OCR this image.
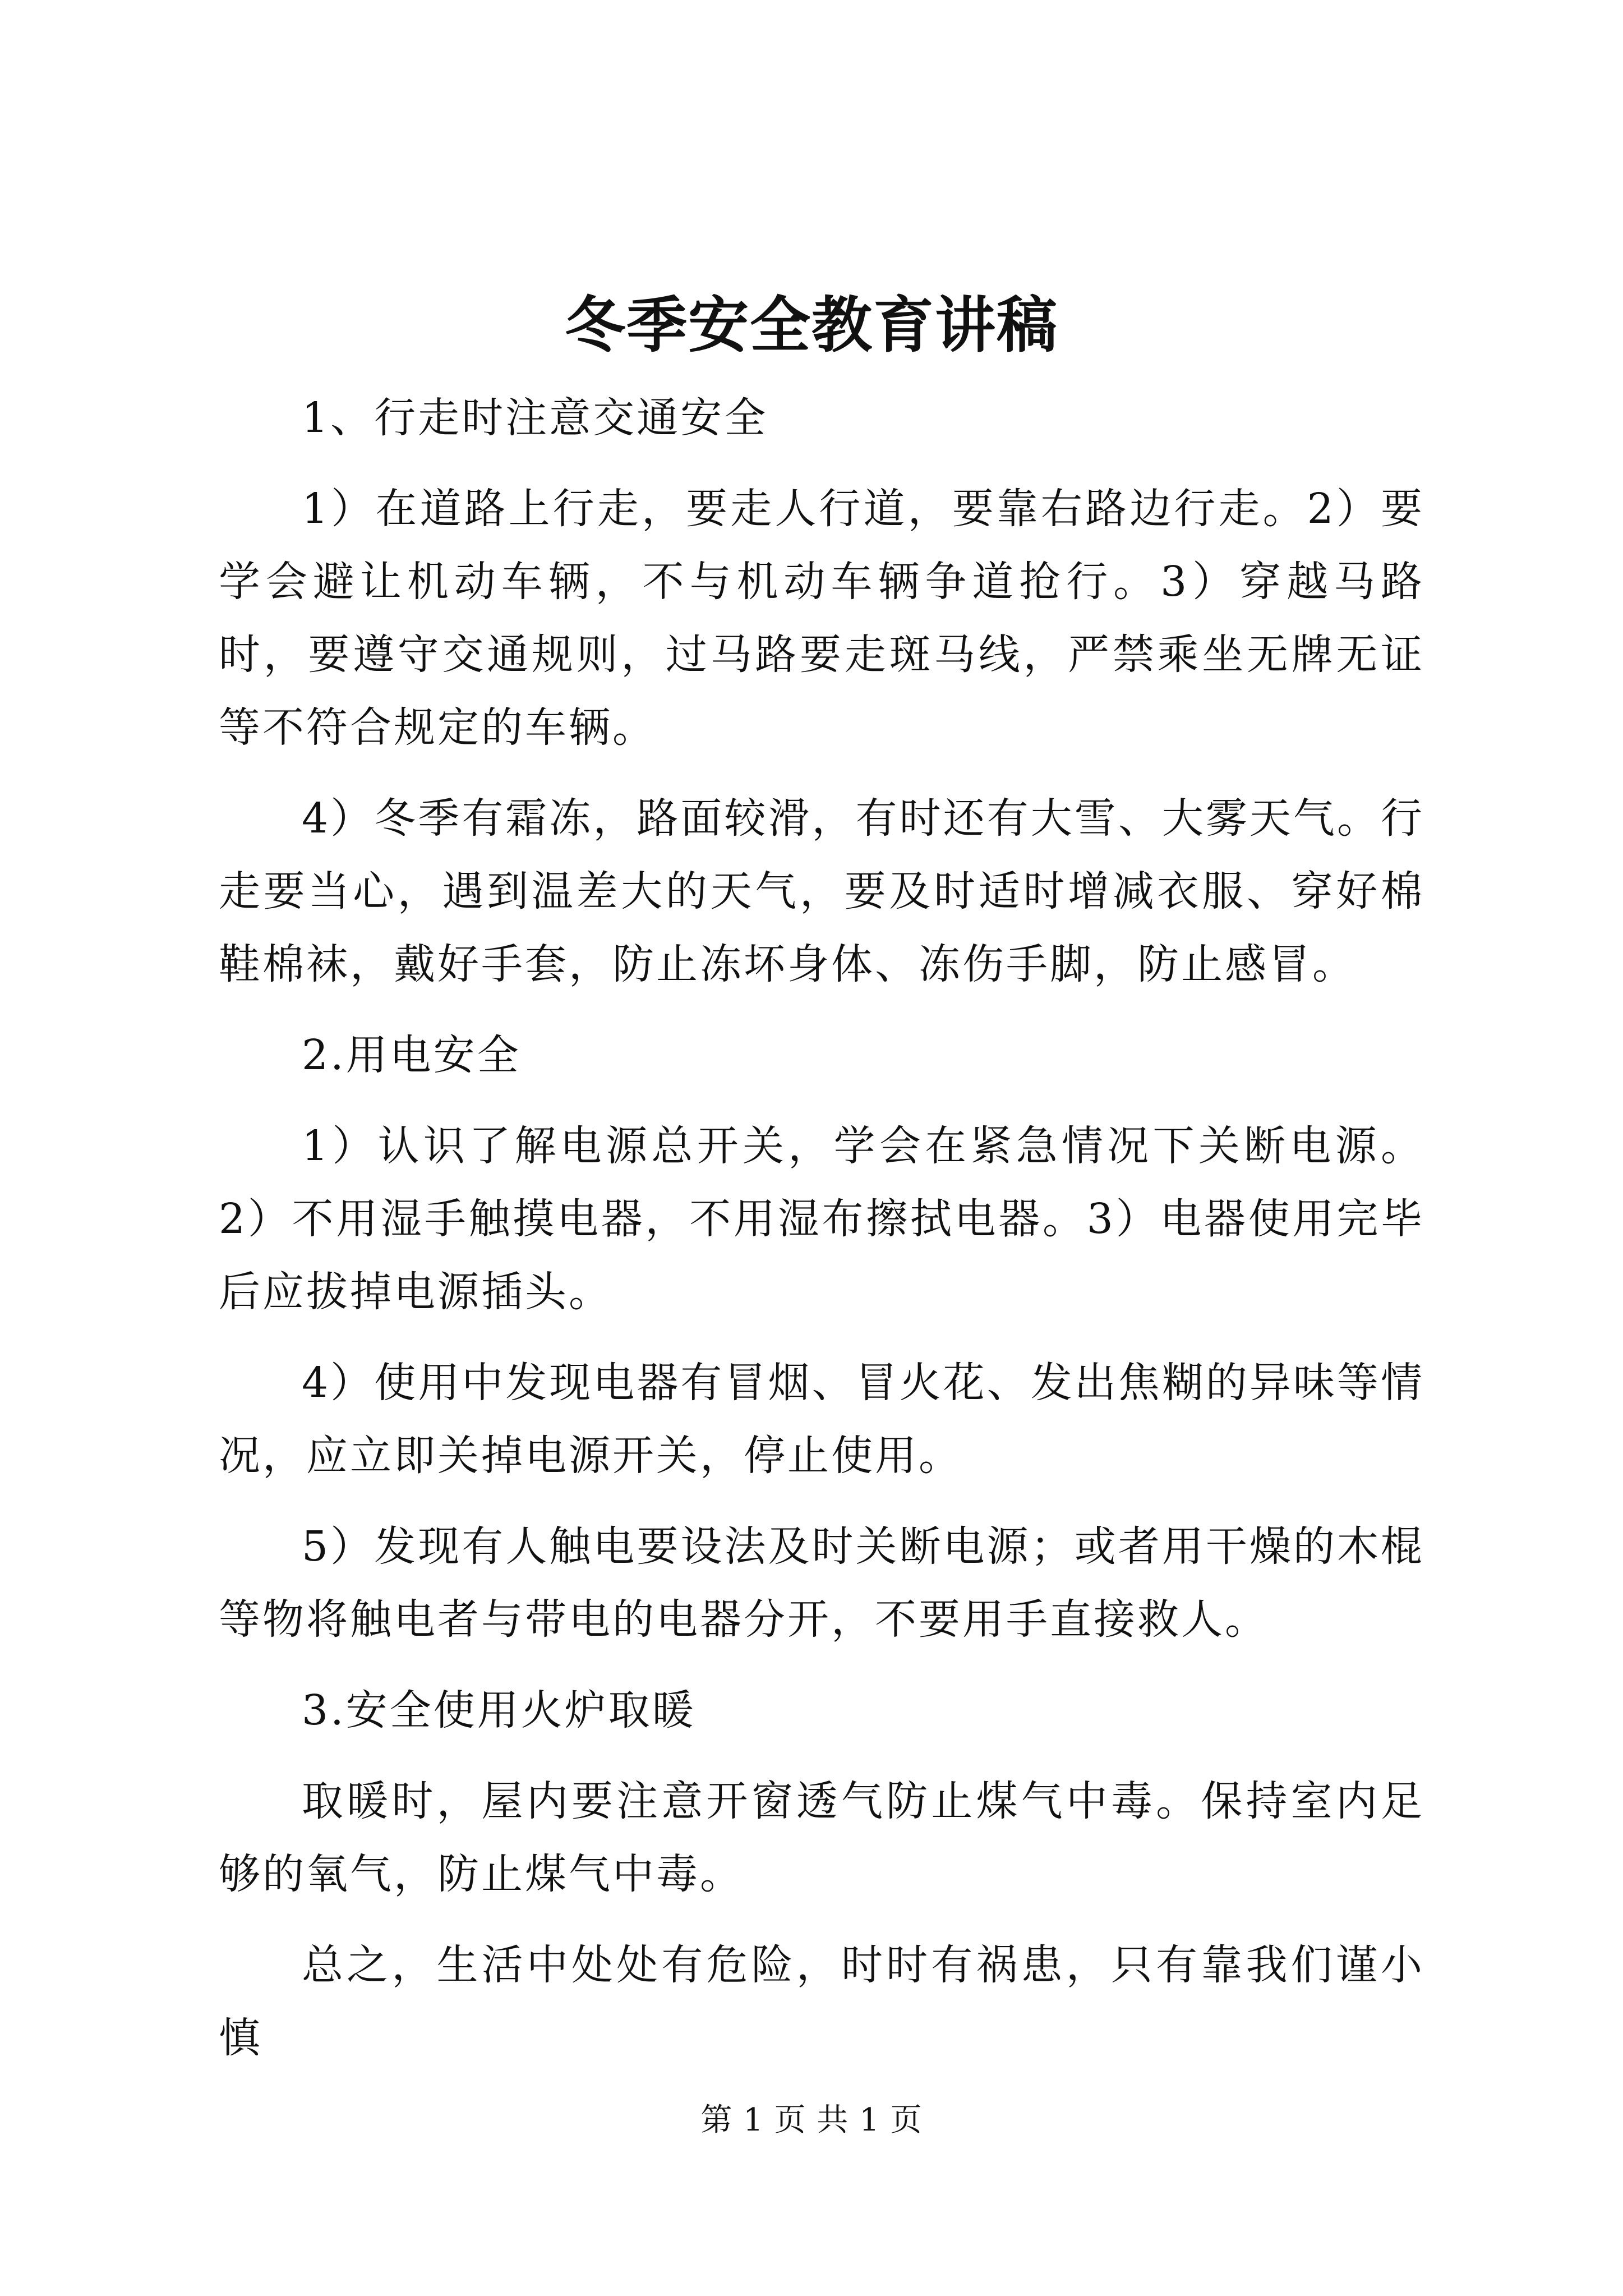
冬季安全教育讲稿

1、行走时注意交通安全

1）在道路上行走，要走人行道，要靠右路边行走。2）要学会避让机动车辆，不与机动车辆争道抢行。3）穿越马路时，要遵守交通规则，过马路要走斑马线，严禁乘坐无牌无证等不符合规定的车辆。

4）冬季有霜冻，路面较滑，有时还有大雪、大雾天气。行走要当心，遇到温差大的天气，要及时适时增减衣服、穿好棉鞋棉袜，戴好手套，防止冻坏身体、冻伤手脚，防止感冒。

2.用电安全

1）认识了解电源总开关，学会在紧急情况下关断电源。2）不用湿手触摸电器，不用湿布擦拭电器。3）电器使用完毕后应拔掉电源插头。

4）使用中发现电器有冒烟、冒火花、发出焦糊的异味等情况，应立即关掉电源开关，停止使用。

5）发现有人触电要设法及时关断电源；或者用干燥的木棍等物将触电者与带电的电器分开，不要用手直接救人。

3.安全使用火炉取暖

取暖时，屋内要注意开窗透气防止煤气中毒。保持室内足够的氧气，防止煤气中毒。

总之，生活中处处有危险，时时有祸患，只有靠我们谨小慎

第 1 页 共 1 页
